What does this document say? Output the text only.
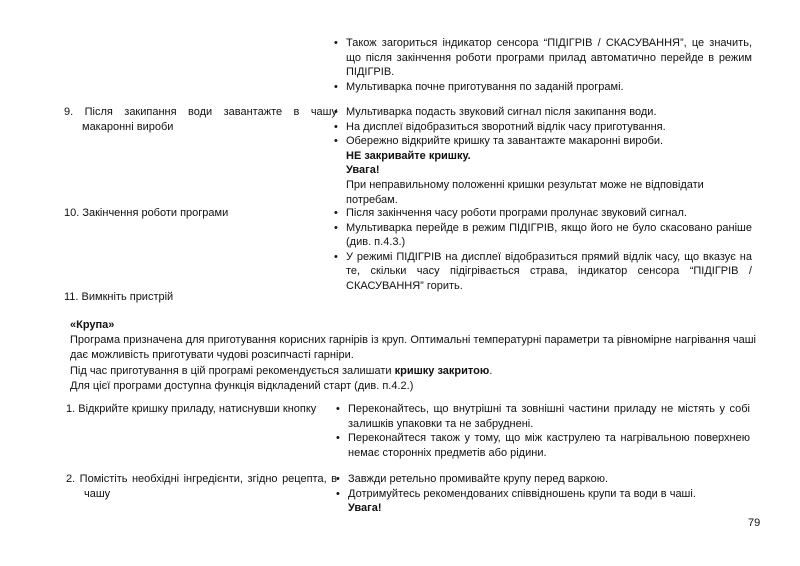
• Також загориться індикатор сенсора “ПІДІГРІВ / СКАСУВАННЯ”, це значить, що після закінчення роботи програми прилад автоматично перейде в режим ПІДІГРІВ.
• Мультиварка почне приготування по заданій програмі.
9. Після закипання води завантажте в чашу макаронні вироби
• Мультиварка подасть звуковий сигнал після закипання води.
• На дисплеї відобразиться зворотний відлік часу приготування.
• Обережно відкрийте кришку та завантажте макаронні вироби.
НЕ закривайте кришку.
Увага!
При неправильному положенні кришки результат може не відповідати потребам.
10. Закінчення роботи програми	• Після закінчення часу роботи програми пролунає звуковий сигнал.
• Мультиварка перейде в режим ПІДІГРІВ, якщо його не було скасовано раніше (див. п.4.3.)
• У режимі ПІДІГРІВ на дисплеї відобразиться прямий відлік часу, що вказує на те, скільки часу підігрівається страва, індикатор сенсора “ПІДІГРІВ / СКАСУВАННЯ” горить.
11. Вимкніть пристрій

«Крупа»

Програма призначена для приготування корисних гарнірів із круп. Оптимальні температурні параметри та рівномірне нагрівання чаші дає можливість приготувати чудові розсипчасті гарніри.

Під час приготування в цій програмі рекомендується залишати кришку закритою.

Для цієї програми доступна функція відкладений старт (див. п.4.2.)

1. Відкрийте кришку приладу, натиснувши кнопку	• Переконайтесь, що внутрішні та зовнішні частини приладу не містять у собі залишків упаковки та не забруднені.
• Переконайтеся також у тому, що між каструлею та нагрівальною поверхнею немає сторонніх предметів або рідини.
2. Помістіть необхідні інгредієнти, згідно рецепта, в чашу
• Завжди ретельно промивайте крупу перед варкою.
• Дотримуйтесь рекомендованих співвідношень крупи та води в чаші.
Увага!
79
